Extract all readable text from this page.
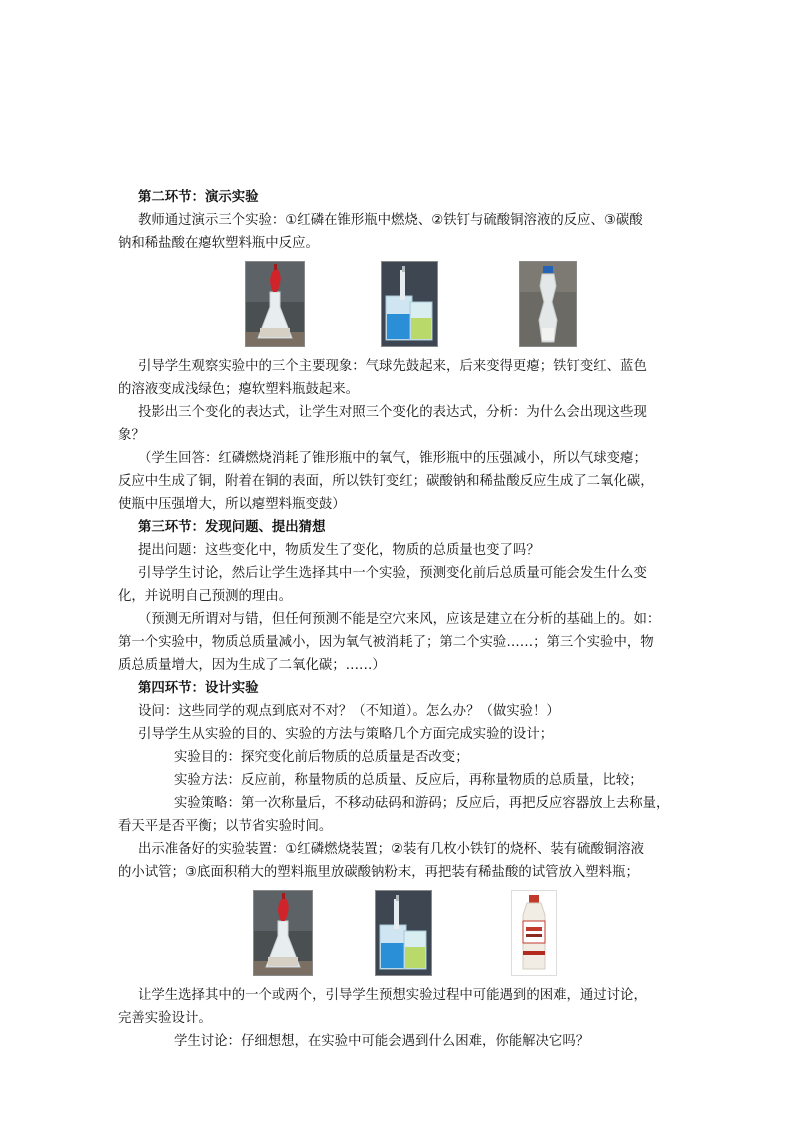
第二环节：演示实验
教师通过演示三个实验：①红磷在锥形瓶中燃烧、②铁钉与硫酸铜溶液的反应、③碳酸
钠和稀盐酸在瘪软塑料瓶中反应。
引导学生观察实验中的三个主要现象：气球先鼓起来，后来变得更瘪；铁钉变红、蓝色
的溶液变成浅绿色；瘪软塑料瓶鼓起来。
投影出三个变化的表达式，让学生对照三个变化的表达式，分析：为什么会出现这些现
象？
（学生回答：红磷燃烧消耗了锥形瓶中的氧气，锥形瓶中的压强减小，所以气球变瘪；
反应中生成了铜，附着在铜的表面，所以铁钉变红；碳酸钠和稀盐酸反应生成了二氧化碳，
使瓶中压强增大，所以瘪塑料瓶变鼓）
第三环节：发现问题、提出猜想
提出问题：这些变化中，物质发生了变化，物质的总质量也变了吗？
引导学生讨论，然后让学生选择其中一个实验，预测变化前后总质量可能会发生什么变
化，并说明自己预测的理由。
（预测无所谓对与错，但任何预测不能是空穴来风，应该是建立在分析的基础上的。如：
第一个实验中，物质总质量减小，因为氧气被消耗了；第二个实验……；第三个实验中，物
质总质量增大，因为生成了二氧化碳；……）
第四环节：设计实验
设问：这些同学的观点到底对不对？（不知道）。怎么办？（做实验！）
引导学生从实验的目的、实验的方法与策略几个方面完成实验的设计；
实验目的：探究变化前后物质的总质量是否改变；
实验方法：反应前，称量物质的总质量、反应后，再称量物质的总质量，比较；
实验策略：第一次称量后，不移动砝码和游码；反应后，再把反应容器放上去称量，
看天平是否平衡；以节省实验时间。
出示准备好的实验装置：①红磷燃烧装置；②装有几枚小铁钉的烧杯、装有硫酸铜溶液
的小试管；③底面积稍大的塑料瓶里放碳酸钠粉末，再把装有稀盐酸的试管放入塑料瓶；
让学生选择其中的一个或两个，引导学生预想实验过程中可能遇到的困难，通过讨论，
完善实验设计。
学生讨论：仔细想想，在实验中可能会遇到什么困难，你能解决它吗？
